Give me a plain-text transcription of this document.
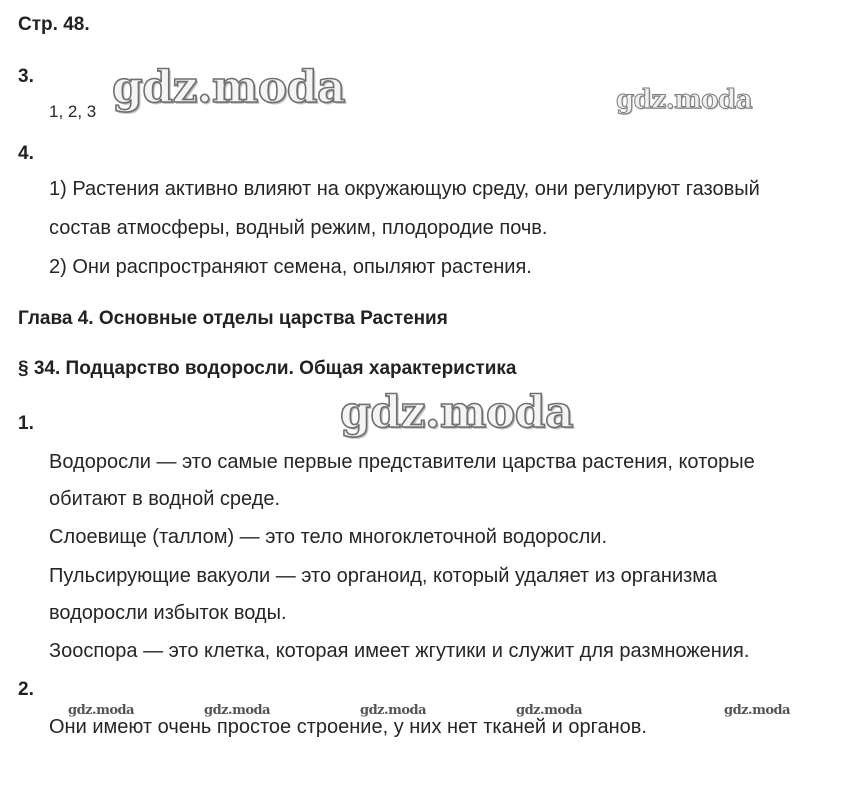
Стр. 48.
3.
1, 2, 3
4.
1) Растения активно влияют на окружающую среду, они регулируют газовый
состав атмосферы, водный режим, плодородие почв.
2) Они распространяют семена, опыляют растения.
Глава 4. Основные отделы царства Растения
§ 34. Подцарство водоросли. Общая характеристика
1.
Водоросли — это самые первые представители царства растения, которые
обитают в водной среде.
Слоевище (таллом) — это тело многоклеточной водоросли.
Пульсирующие вакуоли — это органоид, который удаляет из организма
водоросли избыток воды.
Зооспора — это клетка, которая имеет жгутики и служит для размножения.
2.
Они имеют очень простое строение, у них нет тканей и органов.
gdz.moda	gdz.moda
gdz.moda
gdz.moda	gdz.moda	gdz.moda	gdz.moda	gdz.moda
